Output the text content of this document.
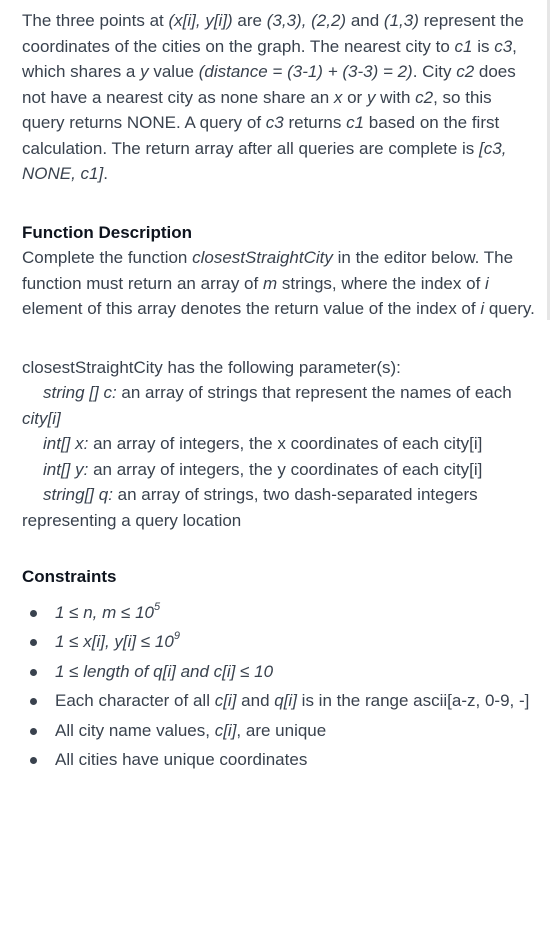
The three points at (x[i], y[i]) are (3,3), (2,2) and (1,3) represent the coordinates of the cities on the graph. The nearest city to c1 is c3, which shares a y value (distance = (3-1) + (3-3) = 2). City c2 does not have a nearest city as none share an x or y with c2, so this query returns NONE. A query of c3 returns c1 based on the first calculation. The return array after all queries are complete is [c3, NONE, c1].

Function Description

Complete the function closestStraightCity in the editor below. The function must return an array of m strings, where the index of i element of this array denotes the return value of the index of i query.

closestStraightCity has the following parameter(s):

string [] c: an array of strings that represent the names of each city[i]

int[] x: an array of integers, the x coordinates of each city[i]

int[] y: an array of integers, the y coordinates of each city[i]

string[] q: an array of strings, two dash-separated integers representing a query location

Constraints
1 ≤ n, $m \le 10^5$
1 ≤ x[i], $y[i] \le 10^9$
1 ≤ length of q[i] and c[i] ≤ 10
Each character of all c[i] and q[i] is in the range ascii[a-z, 0-9, -]
All city name values, c[i], are unique
All cities have unique coordinates
